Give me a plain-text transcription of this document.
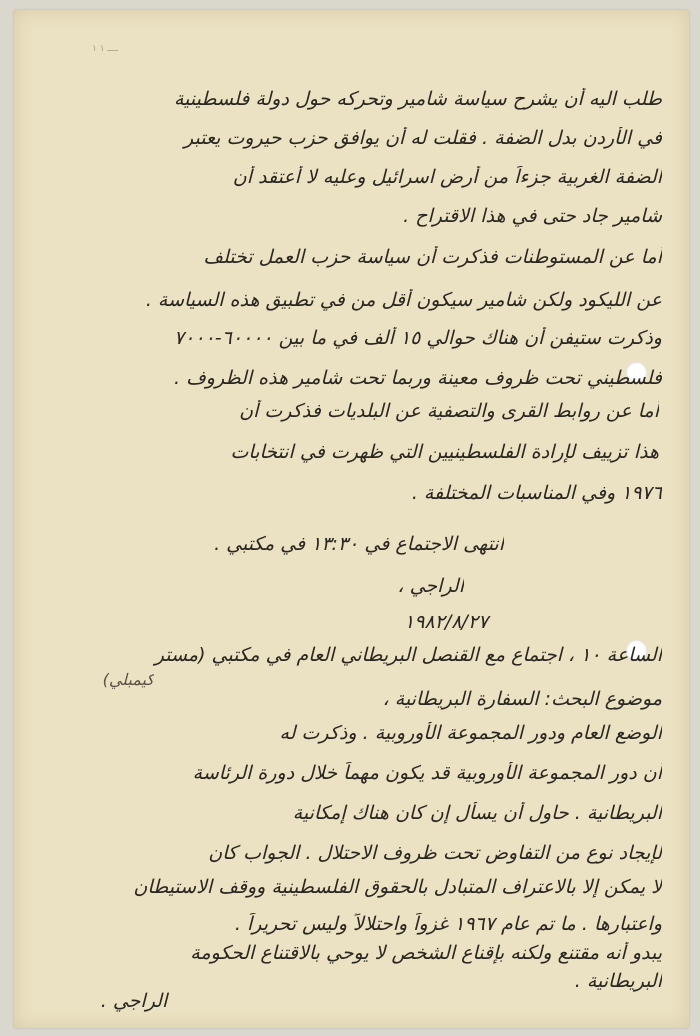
ــــ ١ ١
طلب اليه أن يشرح سياسة شامير وتحركه حول دولة فلسطينية
في الأردن بدل الضفة . فقلت له أن يوافق حزب حيروت يعتبر
الضفة الغربية جزءاً من أرض اسرائيل وعليه لا أعتقد أن
شامير جاد حتى في هذا الاقتراح .
أما عن المستوطنات فذكرت أن سياسة حزب العمل تختلف
عن الليكود ولكن شامير سيكون أقل من في تطبيق هذه السياسة .
وذكرت ستيفن أن هناك حوالي ١٥ ألف في ما بين ٦٠٠٠٠-٧٠٠٠
فلسطيني تحت ظروف معينة وربما تحت شامير هذه الظروف .
أما عن روابط القرى والتصفية عن البلديات فذكرت أن
هذا تزييف لإرادة الفلسطينيين التي ظهرت في انتخابات
١٩٧٦ وفي المناسبات المختلفة .
انتهى الاجتماع في ١٣:٣٠ في مكتبي .
الراجي ،
١٩٨٢/٨/٢٧
الساعة ١٠ ، اجتماع مع القنصل البريطاني العام في مكتبي (مستر
كيمبلي)
موضوع البحث: السفارة البريطانية ،
الوضع العام ودور المجموعة الأوروبية . وذكرت له
أن دور المجموعة الأوروبية قد يكون مهماً خلال دورة الرئاسة
البريطانية . حاول أن يسأل إن كان هناك إمكانية
لإيجاد نوع من التفاوض تحت ظروف الاحتلال . الجواب كان
لا يمكن إلا بالاعتراف المتبادل بالحقوق الفلسطينية ووقف الاستيطان
واعتبارها . ما تم عام ١٩٦٧ غزواً واحتلالاً وليس تحريراً .
يبدو أنه مقتنع ولكنه بإقناع الشخص لا يوحي بالاقتناع الحكومة
البريطانية .
الراجي .
